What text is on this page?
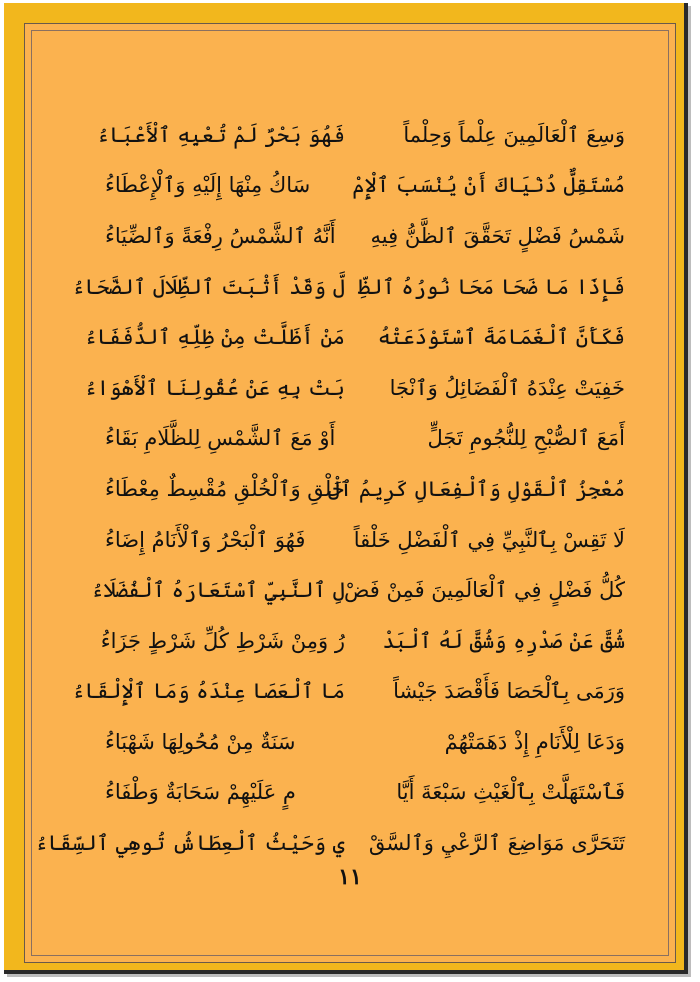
وَسِعَ ٱلْعَالَمِينَ عِلْماً وَحِلْماً
فَهُوَ بَحْرٌ لَمْ تُعْيِهِ ٱلْأَعْبَاءُ
مُسْتَقِلٌّ دُنْيَاكَ أَنْ يُنْسَبَ ٱلْإِمْ
سَاكُ مِنْهَا إِلَيْهِ وَٱلْإِعْطَاءُ
شَمْسُ فَضْلٍ تَحَقَّقَ ٱلظَّنُّ فِيهِ
أَنَّهُ ٱلشَّمْسُ رِفْعَةً وَٱلضِّيَاءُ
فَإِذَا مَا ضَحَا مَحَا نُورُهُ ٱلظِّ
لَّ وَقَدْ أَثْبَتَ ٱلظِّلَالَ ٱلضَّحَاءُ
فَكَأَنَّ ٱلْغَمَامَةَ ٱسْتَوْدَعَتْهُ
مَنْ أَظَلَّتْ مِنْ ظِلِّهِ ٱلدُّفَفَاءُ
خَفِيَتْ عِنْدَهُ ٱلْفَضَائِلُ وَٱنْجَا
بَتْ بِهِ عَنْ عُقُولِنَا ٱلْأَهْوَاءُ
أَمَعَ ٱلصُّبْحِ لِلنُّجُومِ تَجَلٍّ
أَوْ مَعَ ٱلشَّمْسِ لِلظَّلَامِ بَقَاءُ
مُعْجِزُ ٱلْقَوْلِ وَٱلْفِعَالِ كَرِيمُ ٱلْ
خَلْقِ وَٱلْخُلْقِ مُقْسِطٌ مِعْطَاءُ
لَا تَقِسْ بِٱلنَّبِيِّ فِي ٱلْفَضْلِ خَلْقاً
فَهُوَ ٱلْبَحْرُ وَٱلْأَنَامُ إِضَاءُ
كُلُّ فَضْلٍ فِي ٱلْعَالَمِينَ فَمِنْ فَضْ
لِ ٱلنَّبِيِّ ٱسْتَعَارَهُ ٱلْفُضَلَاءُ
شُقَّ عَنْ صَدْرِهِ وَشُقَّ لَهُ ٱلْبَدْ
رُ وَمِنْ شَرْطِ كُلِّ شَرْطٍ جَزَاءُ
وَرَمَى بِٱلْحَصَا فَأَقْصَدَ جَيْشاً
مَا ٱلْعَصَا عِنْدَهُ وَمَا ٱلْإِلْقَاءُ
وَدَعَا لِلْأَنَامِ إِذْ دَهَمَتْهُمْ
سَنَةٌ مِنْ مُحُولِهَا شَهْبَاءُ
فَٱسْتَهَلَّتْ بِٱلْغَيْثِ سَبْعَةَ أَيَّا
مٍ عَلَيْهِمْ سَحَابَةٌ وَطْفَاءُ
تَتَحَرَّى مَوَاضِعَ ٱلرَّعْيِ وَٱلسَّقْ
يِ وَحَيْثُ ٱلْعِطَاشُ تُوهِي ٱلسِّقَاءُ
١١
